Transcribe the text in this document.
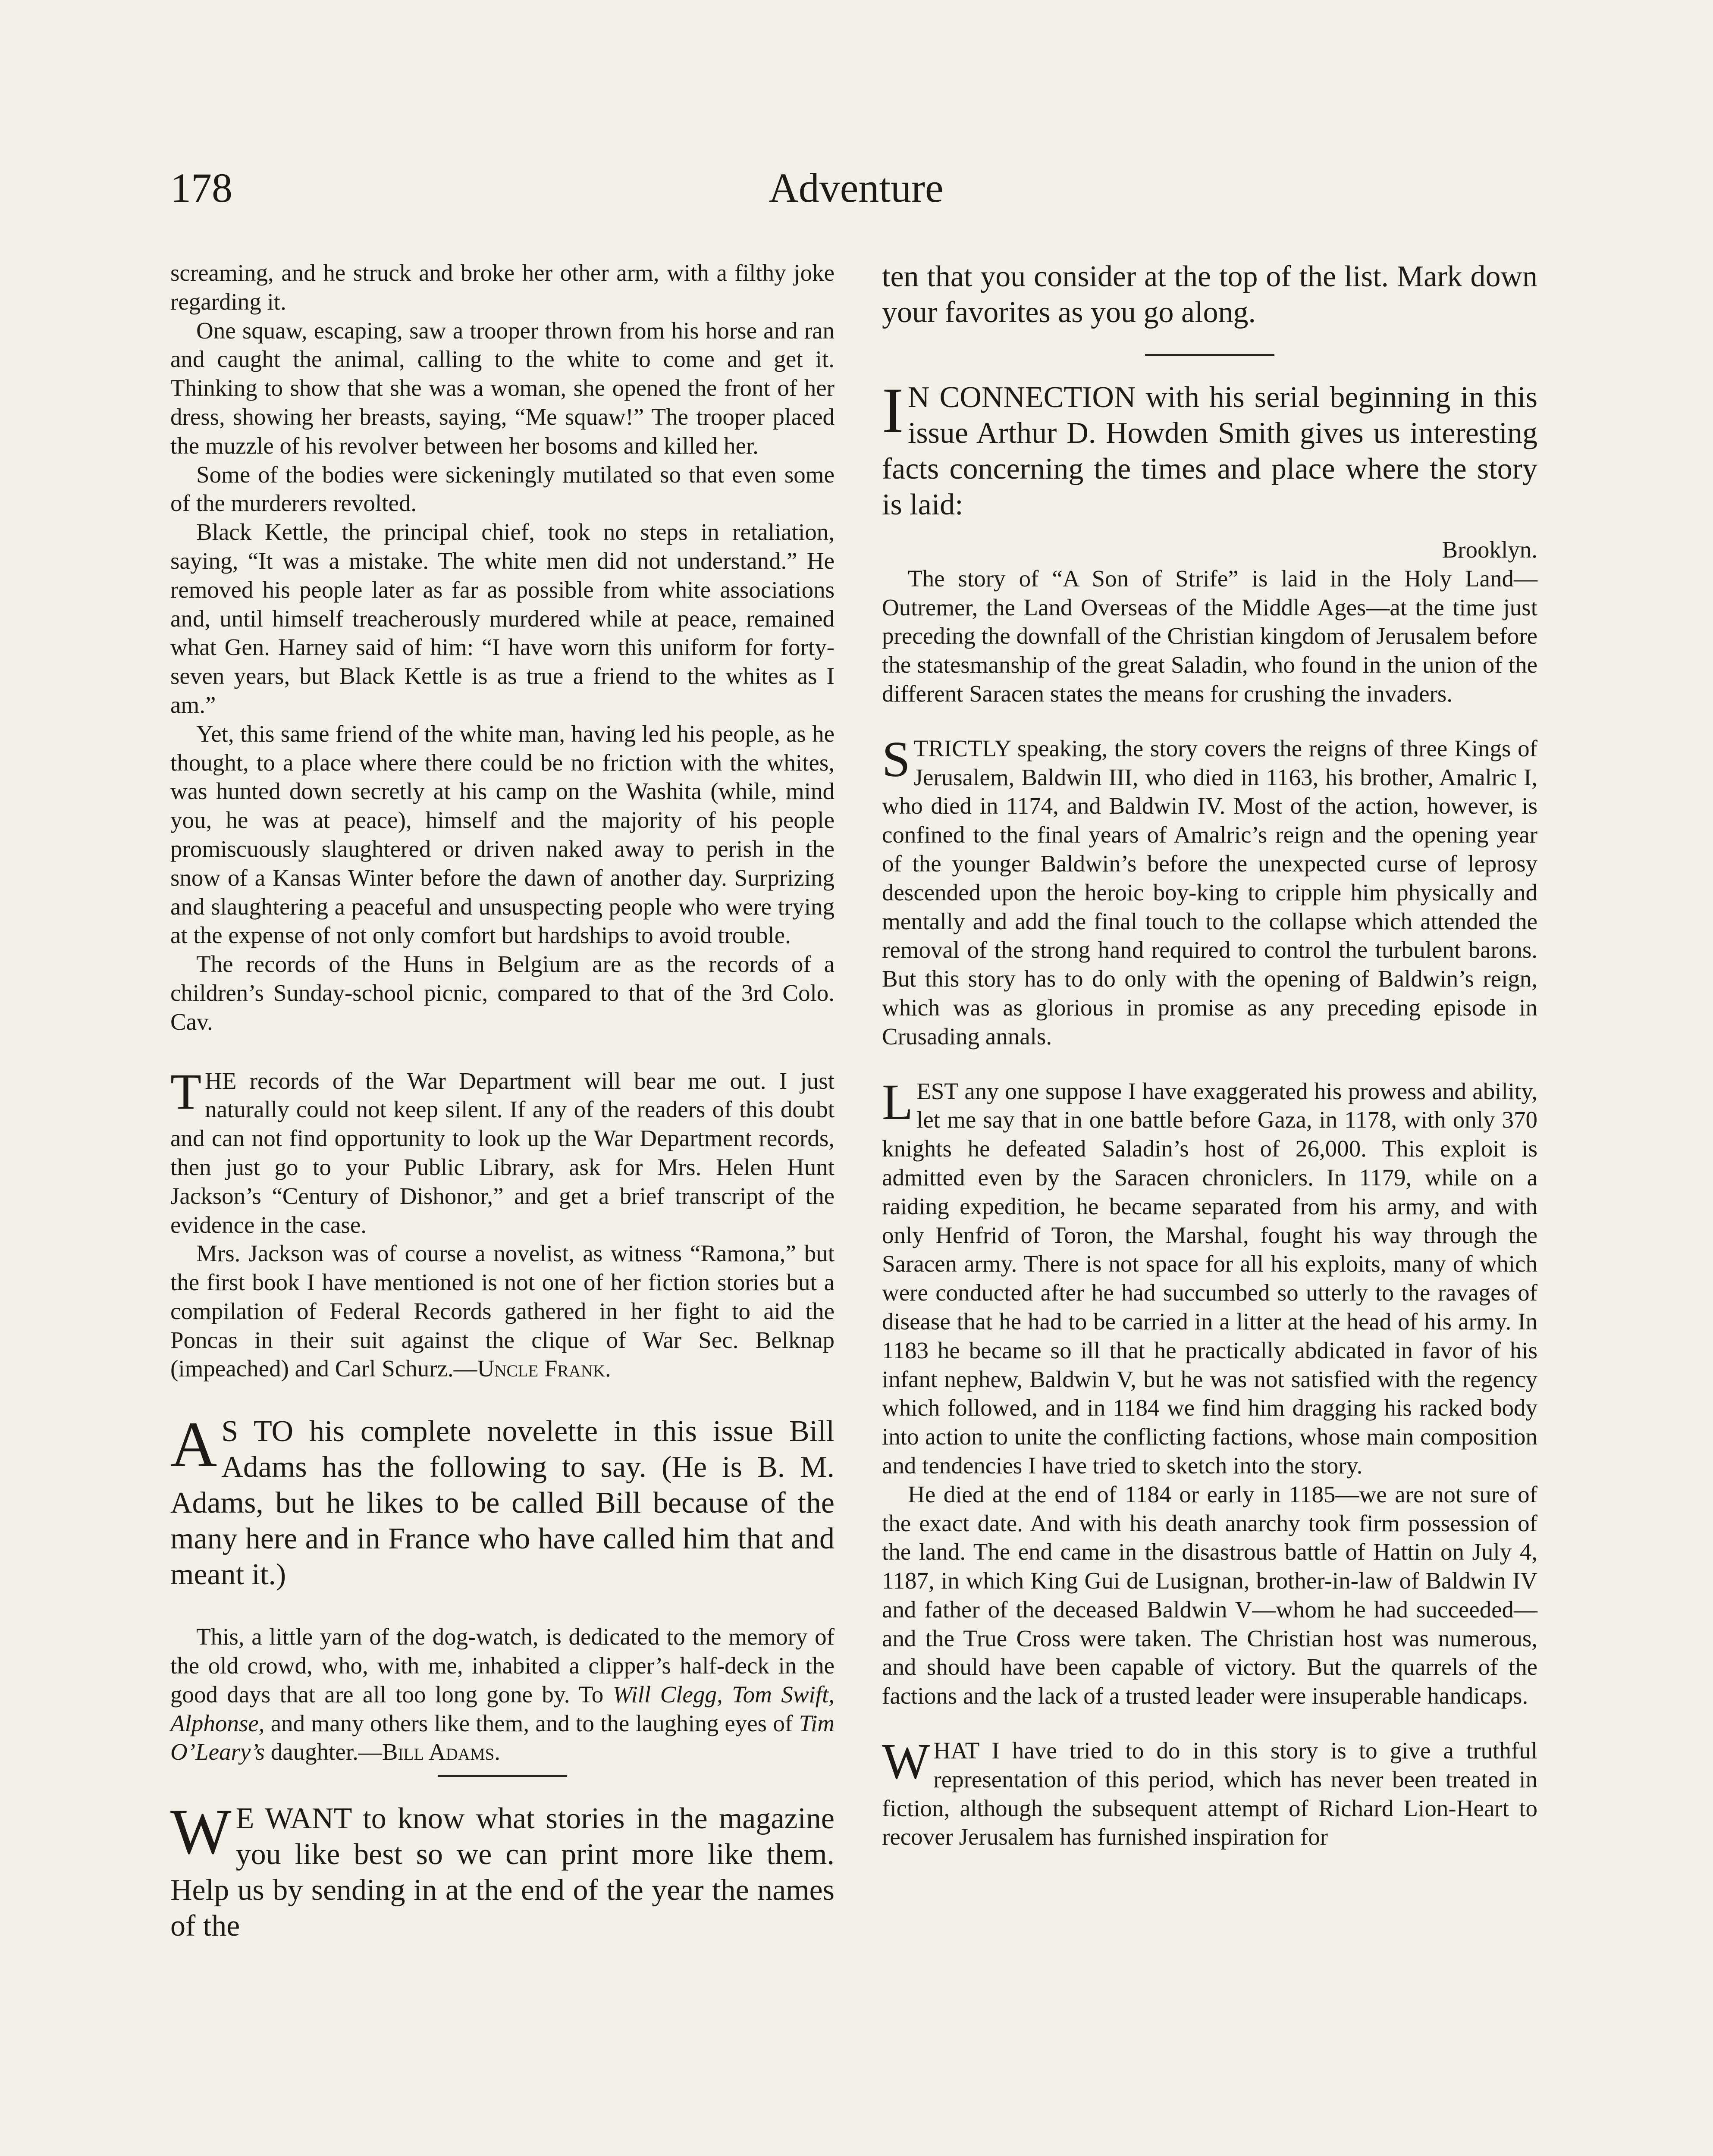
178	Adventure

screaming, and he struck and broke her other arm, with a filthy joke regarding it.

One squaw, escaping, saw a trooper thrown from his horse and ran and caught the animal, calling to the white to come and get it. Thinking to show that she was a woman, she opened the front of her dress, showing her breasts, saying, “Me squaw!” The trooper placed the muzzle of his revolver between her bosoms and killed her.

Some of the bodies were sickeningly mutilated so that even some of the murderers revolted.

Black Kettle, the principal chief, took no steps in retaliation, saying, “It was a mistake. The white men did not understand.” He removed his people later as far as possible from white associations and, until himself treacherously murdered while at peace, remained what Gen. Harney said of him: “I have worn this uniform for forty-seven years, but Black Kettle is as true a friend to the whites as I am.”

Yet, this same friend of the white man, having led his people, as he thought, to a place where there could be no friction with the whites, was hunted down secretly at his camp on the Washita (while, mind you, he was at peace), himself and the majority of his people promiscuously slaughtered or driven naked away to perish in the snow of a Kansas Winter before the dawn of another day. Surprizing and slaughtering a peaceful and unsuspecting people who were trying at the expense of not only comfort but hardships to avoid trouble.

The records of the Huns in Belgium are as the records of a children’s Sunday-school picnic, compared to that of the 3rd Colo. Cav.

THE records of the War Department will bear me out. I just naturally could not keep silent. If any of the readers of this doubt and can not find opportunity to look up the War Department records, then just go to your Public Library, ask for Mrs. Helen Hunt Jackson’s “Century of Dishonor,” and get a brief transcript of the evidence in the case.

Mrs. Jackson was of course a novelist, as witness “Ramona,” but the first book I have mentioned is not one of her fiction stories but a compilation of Federal Records gathered in her fight to aid the Poncas in their suit against the clique of War Sec. Belknap (impeached) and Carl Schurz.—Uncle Frank.

A S TO his complete novelette in this issue Bill Adams has the following to say. (He is B. M. Adams, but he likes to be called Bill because of the many here and in France who have called him that and meant it.)

This, a little yarn of the dog-watch, is dedicated to the memory of the old crowd, who, with me, inhabited a clipper’s half-deck in the good days that are all too long gone by. To Will Clegg, Tom Swift, Alphonse, and many others like them, and to the laughing eyes of Tim O’Leary’s daughter.—Bill Adams.

W E WANT to know what stories in the magazine you like best so we can print more like them. Help us by sending in at the end of the year the names of the

ten that you consider at the top of the list. Mark down your favorites as you go along.

I N CONNECTION with his serial beginning in this issue Arthur D. Howden Smith gives us interesting facts concerning the times and place where the story is laid:

Brooklyn.

The story of “A Son of Strife” is laid in the Holy Land—Outremer, the Land Overseas of the Middle Ages—at the time just preceding the downfall of the Christian kingdom of Jerusalem before the statesmanship of the great Saladin, who found in the union of the different Saracen states the means for crushing the invaders.

STRICTLY speaking, the story covers the reigns of three Kings of Jerusalem, Baldwin III, who died in 1163, his brother, Amalric I, who died in 1174, and Baldwin IV. Most of the action, however, is confined to the final years of Amalric’s reign and the opening year of the younger Baldwin’s before the unexpected curse of leprosy descended upon the heroic boy-king to cripple him physically and mentally and add the final touch to the collapse which attended the removal of the strong hand required to control the turbulent barons. But this story has to do only with the opening of Baldwin’s reign, which was as glorious in promise as any preceding episode in Crusading annals.

LEST any one suppose I have exaggerated his prowess and ability, let me say that in one battle before Gaza, in 1178, with only 370 knights he defeated Saladin’s host of 26,000. This exploit is admitted even by the Saracen chroniclers. In 1179, while on a raiding expedition, he became separated from his army, and with only Henfrid of Toron, the Marshal, fought his way through the Saracen army. There is not space for all his exploits, many of which were conducted after he had succumbed so utterly to the ravages of disease that he had to be carried in a litter at the head of his army. In 1183 he became so ill that he practically abdicated in favor of his infant nephew, Baldwin V, but he was not satisfied with the regency which followed, and in 1184 we find him dragging his racked body into action to unite the conflicting factions, whose main composition and tendencies I have tried to sketch into the story.

He died at the end of 1184 or early in 1185—we are not sure of the exact date. And with his death anarchy took firm possession of the land. The end came in the disastrous battle of Hattin on July 4, 1187, in which King Gui de Lusignan, brother-in-law of Baldwin IV and father of the deceased Baldwin V—whom he had succeeded—and the True Cross were taken. The Christian host was numerous, and should have been capable of victory. But the quarrels of the factions and the lack of a trusted leader were insuperable handicaps.

WHAT I have tried to do in this story is to give a truthful representation of this period, which has never been treated in fiction, although the subsequent attempt of Richard Lion-Heart to recover Jerusalem has furnished inspiration for
